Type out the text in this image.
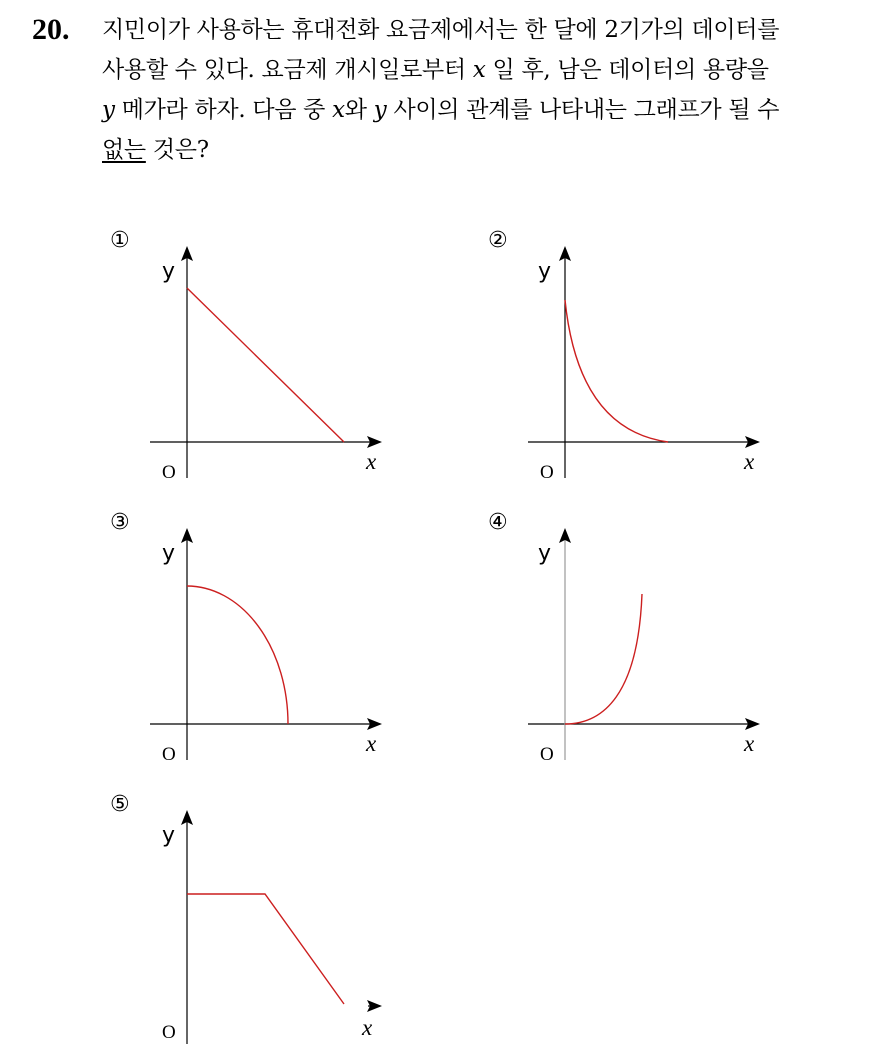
20. 지민이가 사용하는 휴대전화 요금제에서는 한 달에 2기가의 데이터를
사용할 수 있다. 요금제 개시일로부터 x 일 후, 남은 데이터의 용량을
y 메가라 하자. 다음 중 x와 y 사이의 관계를 나타내는 그래프가 될 수
없는 것은?
①
y
O	x
②
y
O	x
③
y
O	x
④
y
O	x
⑤
y
O	x
